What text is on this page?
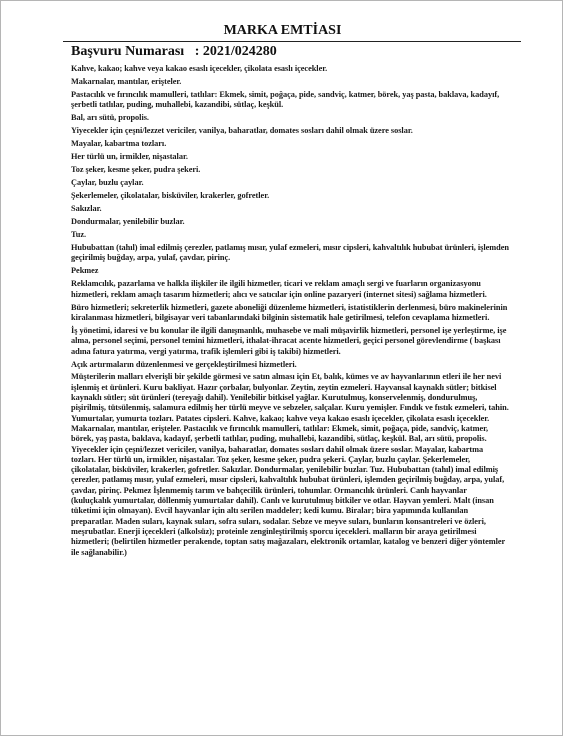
MARKA EMTİASI
Başvuru Numarası : 2021/024280

Kahve, kakao; kahve veya kakao esaslı içecekler, çikolata esaslı içecekler.

Makarnalar, mantılar, erişteler.

Pastacılık ve fırıncılık mamulleri, tatlılar: Ekmek, simit, poğaça, pide, sandviç, katmer, börek, yaş pasta, baklava, kadayıf, şerbetli tatlılar, puding, muhallebi, kazandibi, sütlaç, keşkül.

Bal, arı sütü, propolis.

Yiyecekler için çeşni/lezzet vericiler, vanilya, baharatlar, domates sosları dahil olmak üzere soslar.

Mayalar, kabartma tozları.

Her türlü un, irmikler, nişastalar.

Toz şeker, kesme şeker, pudra şekeri.

Çaylar, buzlu çaylar.

Şekerlemeler, çikolatalar, bisküviler, krakerler, gofretler.

Sakızlar.

Dondurmalar, yenilebilir buzlar.

Tuz.

Hububattan (tahıl) imal edilmiş çerezler, patlamış mısır, yulaf ezmeleri, mısır cipsleri, kahvaltılık hububat ürünleri, işlemden geçirilmiş buğday, arpa, yulaf, çavdar, pirinç.

Pekmez

Reklamcılık, pazarlama ve halkla ilişkiler ile ilgili hizmetler, ticari ve reklam amaçlı sergi ve fuarların organizasyonu hizmetleri, reklam amaçlı tasarım hizmetleri; alıcı ve satıcılar için online pazaryeri (internet sitesi) sağlama hizmetleri.

Büro hizmetleri; sekreterlik hizmetleri, gazete aboneliği düzenleme hizmetleri, istatistiklerin derlenmesi, büro makinelerinin kiralanması hizmetleri, bilgisayar veri tabanlarındaki bilginin sistematik hale getirilmesi, telefon cevaplama hizmetleri.

İş yönetimi, idaresi ve bu konular ile ilgili danışmanlık, muhasebe ve mali müşavirlik hizmetleri, personel işe yerleştirme, işe alma, personel seçimi, personel temini hizmetleri, ithalat-ihracat acente hizmetleri, geçici personel görevlendirme ( başkası adına fatura yatırma, vergi yatırma, trafik işlemleri gibi iş takibi) hizmetleri.

Açık artırmaların düzenlenmesi ve gerçekleştirilmesi hizmetleri.

Müşterilerin malları elverişli bir şekilde görmesi ve satın alması için Et, balık, kümes ve av hayvanlarının etleri ile her nevi işlenmiş et ürünleri. Kuru bakliyat. Hazır çorbalar, bulyonlar. Zeytin, zeytin ezmeleri. Hayvansal kaynaklı sütler; bitkisel kaynaklı sütler; süt ürünleri (tereyağı dahil). Yenilebilir bitkisel yağlar. Kurutulmuş, konservelenmiş, dondurulmuş, pişirilmiş, tütsülenmiş, salamura edilmiş her türlü meyve ve sebzeler, salçalar. Kuru yemişler. Fındık ve fıstık ezmeleri, tahin. Yumurtalar, yumurta tozları. Patates cipsleri. Kahve, kakao; kahve veya kakao esaslı içecekler, çikolata esaslı içecekler. Makarnalar, mantılar, erişteler. Pastacılık ve fırıncılık mamulleri, tatlılar: Ekmek, simit, poğaça, pide, sandviç, katmer, börek, yaş pasta, baklava, kadayıf, şerbetli tatlılar, puding, muhallebi, kazandibi, sütlaç, keşkül. Bal, arı sütü, propolis. Yiyecekler için çeşni/lezzet vericiler, vanilya, baharatlar, domates sosları dahil olmak üzere soslar. Mayalar, kabartma tozları. Her türlü un, irmikler, nişastalar. Toz şeker, kesme şeker, pudra şekeri. Çaylar, buzlu çaylar. Şekerlemeler, çikolatalar, bisküviler, krakerler, gofretler. Sakızlar. Dondurmalar, yenilebilir buzlar. Tuz. Hububattan (tahıl) imal edilmiş çerezler, patlamış mısır, yulaf ezmeleri, mısır cipsleri, kahvaltılık hububat ürünleri, işlemden geçirilmiş buğday, arpa, yulaf, çavdar, pirinç. Pekmez İşlenmemiş tarım ve bahçecilik ürünleri, tohumlar. Ormancılık ürünleri. Canlı hayvanlar (kuluçkalık yumurtalar, döllenmiş yumurtalar dahil). Canlı ve kurutulmuş bitkiler ve otlar. Hayvan yemleri. Malt (insan tüketimi için olmayan). Evcil hayvanlar için altı serilen maddeler; kedi kumu. Biralar; bira yapımında kullanılan preparatlar. Maden suları, kaynak suları, sofra suları, sodalar. Sebze ve meyve suları, bunların konsantreleri ve özleri, meşrubatlar. Enerji içecekleri (alkolsüz); proteinle zenginleştirilmiş sporcu içecekleri. malların bir araya getirilmesi hizmetleri; (belirtilen hizmetler perakende, toptan satış mağazaları, elektronik ortamlar, katalog ve benzeri diğer yöntemler ile sağlanabilir.)
